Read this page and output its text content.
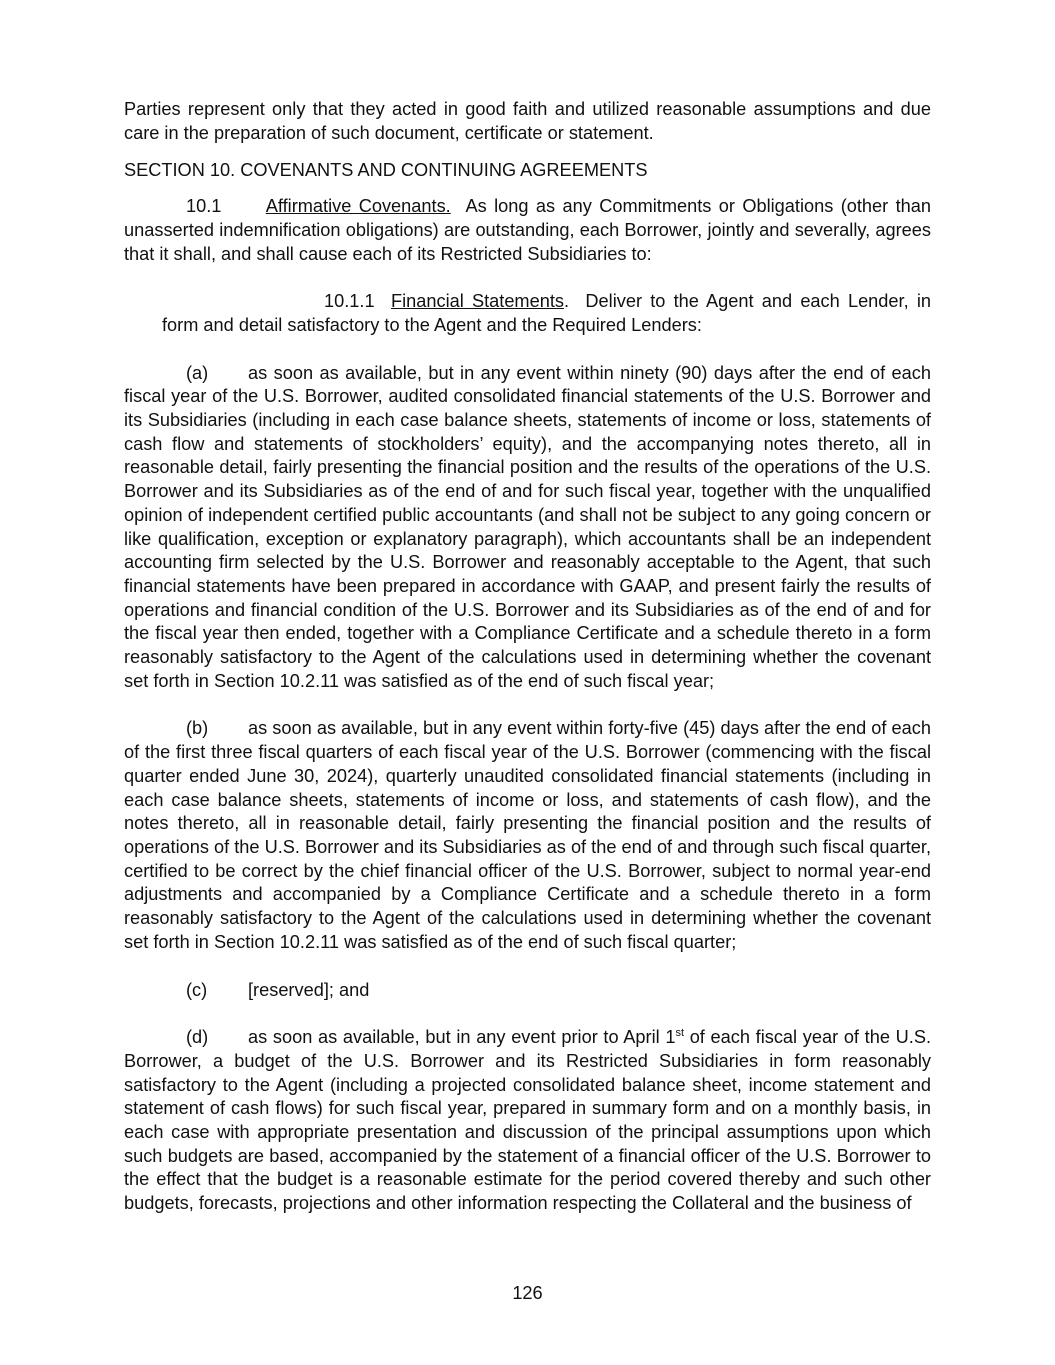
Parties represent only that they acted in good faith and utilized reasonable assumptions and due care in the preparation of such document, certificate or statement.

SECTION 10. COVENANTS AND CONTINUING AGREEMENTS

10.1 Affirmative Covenants. As long as any Commitments or Obligations (other than unasserted indemnification obligations) are outstanding, each Borrower, jointly and severally, agrees that it shall, and shall cause each of its Restricted Subsidiaries to:

10.1.1 Financial Statements.  Deliver to the Agent and each Lender, in form and detail satisfactory to the Agent and the Required Lenders:

(a) as soon as available, but in any event within ninety (90) days after the end of each fiscal year of the U.S. Borrower, audited consolidated financial statements of the U.S. Borrower and its Subsidiaries (including in each case balance sheets, statements of income or loss, statements of cash flow and statements of stockholders’ equity), and the accompanying notes thereto, all in reasonable detail, fairly presenting the financial position and the results of the operations of the U.S. Borrower and its Subsidiaries as of the end of and for such fiscal year, together with the unqualified opinion of independent certified public accountants (and shall not be subject to any going concern or like qualification, exception or explanatory paragraph), which accountants shall be an independent accounting firm selected by the U.S. Borrower and reasonably acceptable to the Agent, that such financial statements have been prepared in accordance with GAAP, and present fairly the results of operations and financial condition of the U.S. Borrower and its Subsidiaries as of the end of and for the fiscal year then ended, together with a Compliance Certificate and a schedule thereto in a form reasonably satisfactory to the Agent of the calculations used in determining whether the covenant set forth in Section 10.2.11 was satisfied as of the end of such fiscal year;

(b) as soon as available, but in any event within forty-five (45) days after the end of each of the first three fiscal quarters of each fiscal year of the U.S. Borrower (commencing with the fiscal quarter ended June 30, 2024), quarterly unaudited consolidated financial statements (including in each case balance sheets, statements of income or loss, and statements of cash flow), and the notes thereto, all in reasonable detail, fairly presenting the financial position and the results of operations of the U.S. Borrower and its Subsidiaries as of the end of and through such fiscal quarter, certified to be correct by the chief financial officer of the U.S. Borrower, subject to normal year-end adjustments and accompanied by a Compliance Certificate and a schedule thereto in a form reasonably satisfactory to the Agent of the calculations used in determining whether the covenant set forth in Section 10.2.11 was satisfied as of the end of such fiscal quarter;

(c) [reserved]; and

(d) as soon as available, but in any event prior to April 1st of each fiscal year of the U.S. Borrower, a budget of the U.S. Borrower and its Restricted Subsidiaries in form reasonably satisfactory to the Agent (including a projected consolidated balance sheet, income statement and statement of cash flows) for such fiscal year, prepared in summary form and on a monthly basis, in each case with appropriate presentation and discussion of the principal assumptions upon which such budgets are based, accompanied by the statement of a financial officer of the U.S. Borrower to the effect that the budget is a reasonable estimate for the period covered thereby and such other budgets, forecasts, projections and other information respecting the Collateral and the business of

126
